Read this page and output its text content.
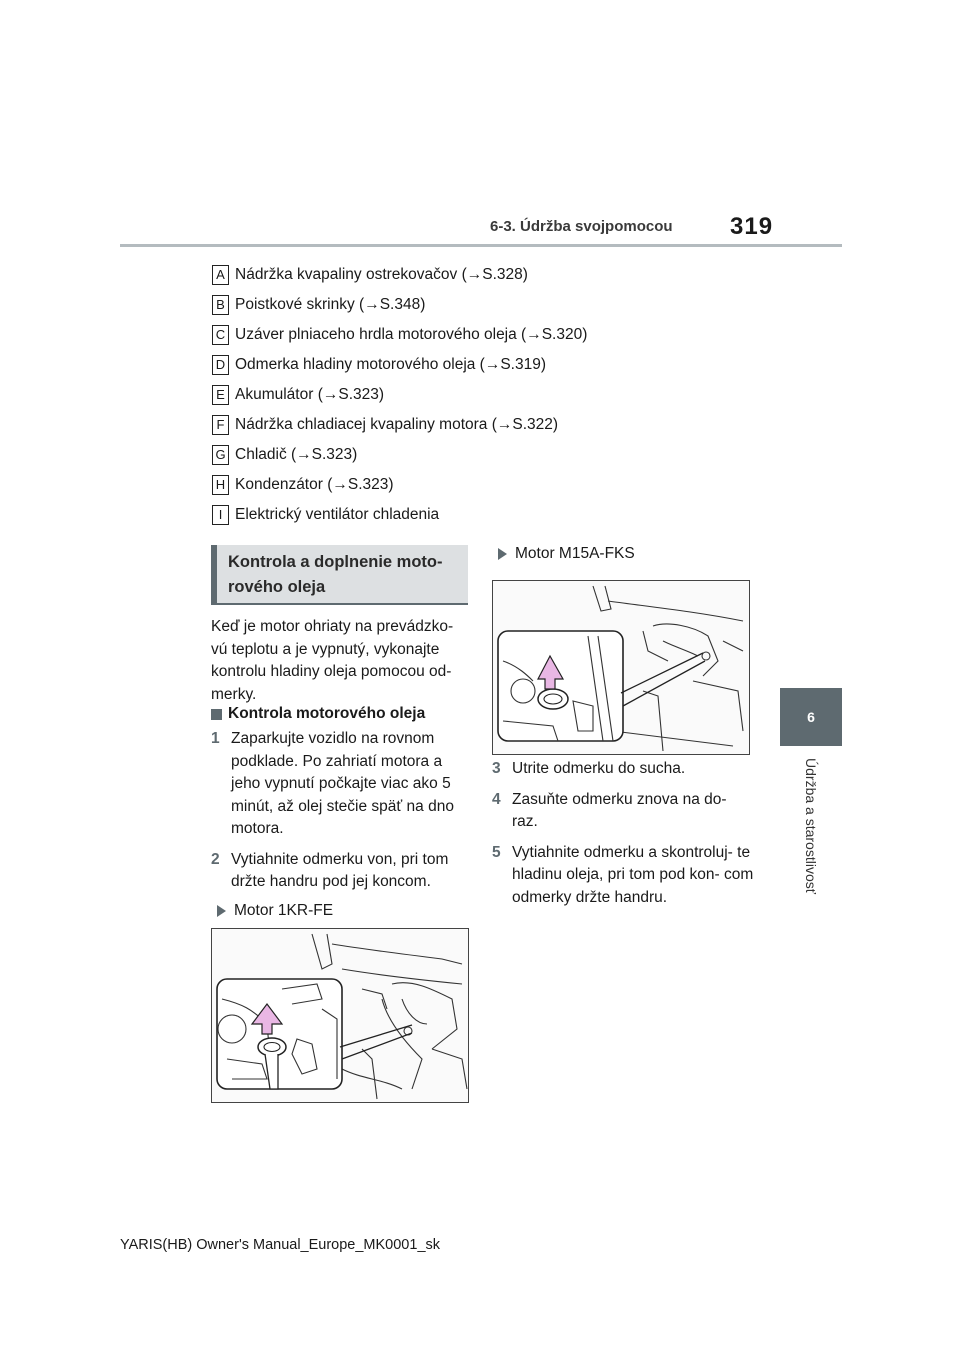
6-3. Údržba svojpomocou 319
6
Údržba a starostlivosť
A Nádržka kvapaliny ostrekovačov (→S.328)
B Poistkové skrinky (→S.348)
C Uzáver plniaceho hrdla motorového oleja (→S.320)
D Odmerka hladiny motorového oleja (→S.319)
E Akumulátor (→S.323)
F Nádržka chladiacej kvapaliny motora (→S.322)
G Chladič (→S.323)
H Kondenzátor (→S.323)
I Elektrický ventilátor chladenia
Kontrola a doplnenie moto- rového oleja
Keď je motor ohriaty na prevádzko- vú teplotu a je vypnutý, vykonajte kontrolu hladiny oleja pomocou od- merky.
Kontrola motorového oleja
1 Zaparkujte vozidlo na rovnom podklade. Po zahriatí motora a jeho vypnutí počkajte viac ako 5 minút, až olej stečie späť na dno motora.
2 Vytiahnite odmerku von, pri tom držte handru pod jej koncom.
Motor 1KR-FE
Motor M15A-FKS
3 Utrite odmerku do sucha.
4 Zasuňte odmerku znova na do- raz.
5 Vytiahnite odmerku a skontroluj- te hladinu oleja, pri tom pod kon- com odmerky držte handru.
YARIS(HB) Owner's Manual_Europe_MK0001_sk
